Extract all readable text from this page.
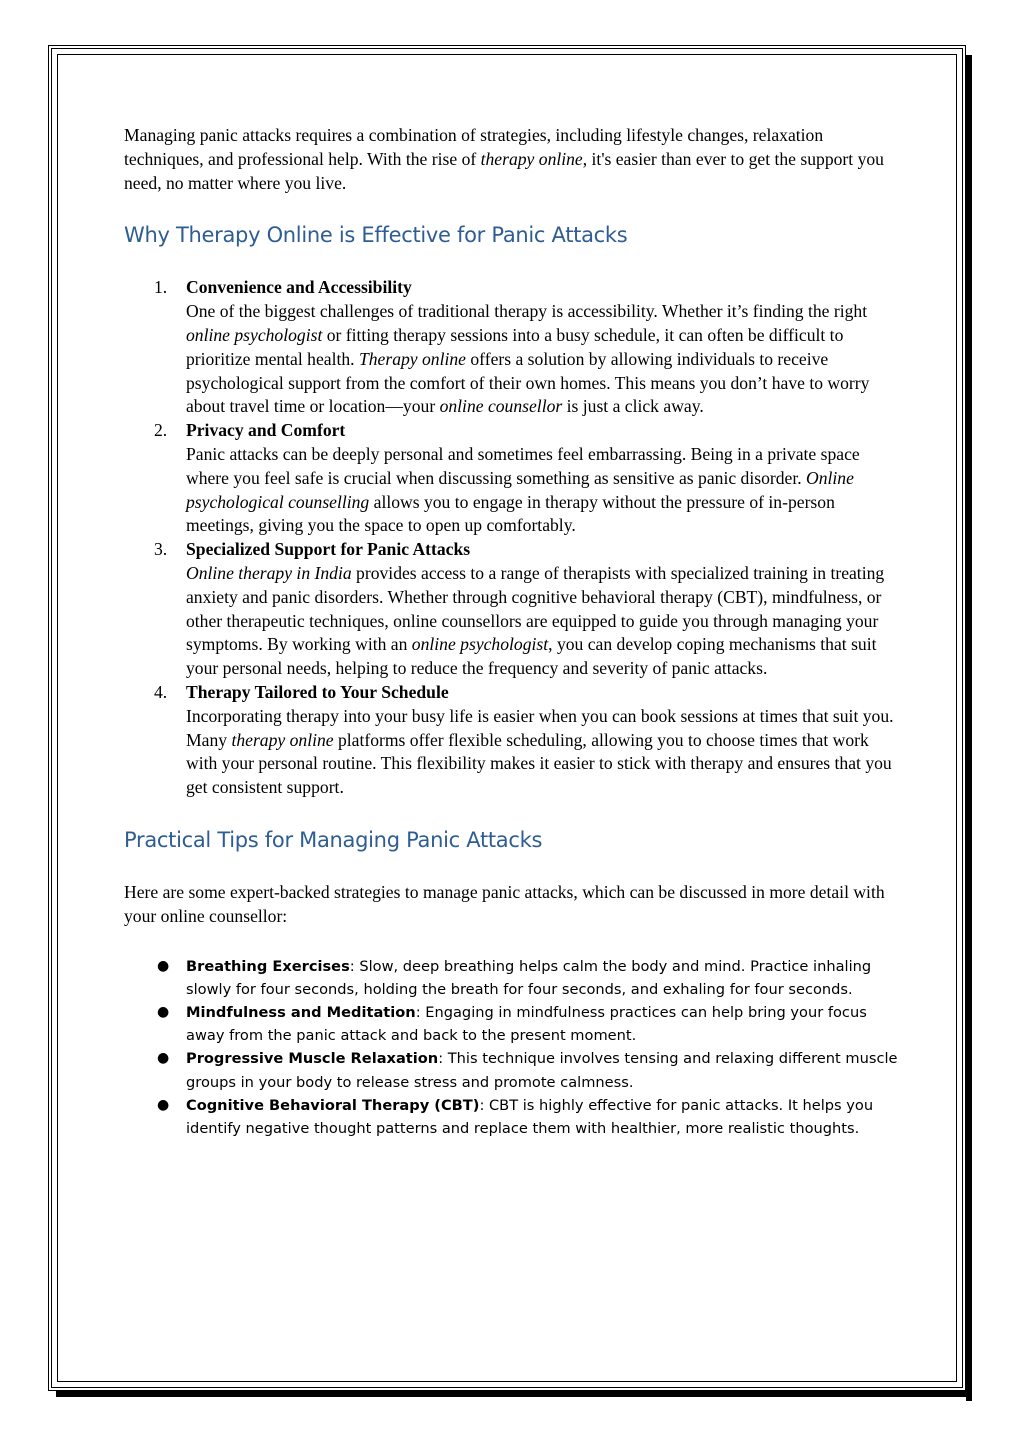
Managing panic attacks requires a combination of strategies, including lifestyle changes, relaxation techniques, and professional help. With the rise of therapy online, it's easier than ever to get the support you need, no matter where you live.

Why Therapy Online is Effective for Panic Attacks
1. Convenience and Accessibility
One of the biggest challenges of traditional therapy is accessibility. Whether it’s finding the right online psychologist or fitting therapy sessions into a busy schedule, it can often be difficult to prioritize mental health. Therapy online offers a solution by allowing individuals to receive psychological support from the comfort of their own homes. This means you don’t have to worry about travel time or location—your online counsellor is just a click away.
2. Privacy and Comfort
Panic attacks can be deeply personal and sometimes feel embarrassing. Being in a private space where you feel safe is crucial when discussing something as sensitive as panic disorder. Online psychological counselling allows you to engage in therapy without the pressure of in-person meetings, giving you the space to open up comfortably.
3. Specialized Support for Panic Attacks
Online therapy in India provides access to a range of therapists with specialized training in treating anxiety and panic disorders. Whether through cognitive behavioral therapy (CBT), mindfulness, or other therapeutic techniques, online counsellors are equipped to guide you through managing your symptoms. By working with an online psychologist, you can develop coping mechanisms that suit your personal needs, helping to reduce the frequency and severity of panic attacks.
4. Therapy Tailored to Your Schedule
Incorporating therapy into your busy life is easier when you can book sessions at times that suit you. Many therapy online platforms offer flexible scheduling, allowing you to choose times that work with your personal routine. This flexibility makes it easier to stick with therapy and ensures that you get consistent support.
Practical Tips for Managing Panic Attacks

Here are some expert-backed strategies to manage panic attacks, which can be discussed in more detail with your online counsellor:

● Breathing Exercises: Slow, deep breathing helps calm the body and mind. Practice inhaling slowly for four seconds, holding the breath for four seconds, and exhaling for four seconds.
● Mindfulness and Meditation: Engaging in mindfulness practices can help bring your focus away from the panic attack and back to the present moment.
● Progressive Muscle Relaxation: This technique involves tensing and relaxing different muscle groups in your body to release stress and promote calmness.
● Cognitive Behavioral Therapy (CBT): CBT is highly effective for panic attacks. It helps you identify negative thought patterns and replace them with healthier, more realistic thoughts.
